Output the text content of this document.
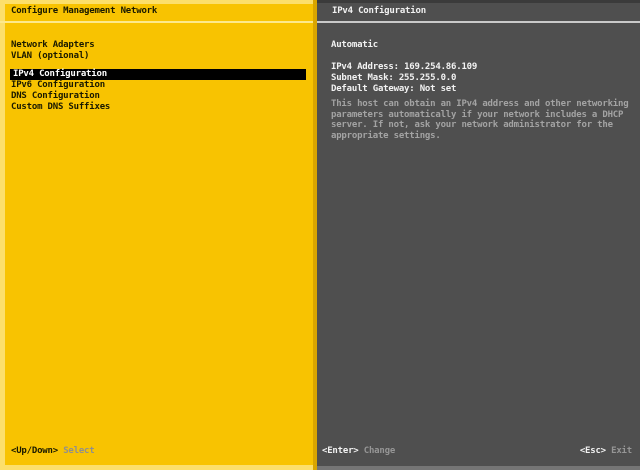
Configure Management Network
Network Adapters
VLAN (optional)
IPv4 Configuration
IPv6 Configuration
DNS Configuration
Custom DNS Suffixes
<Up/Down> Select
IPv4 Configuration
Automatic
IPv4 Address: 169.254.86.109
Subnet Mask: 255.255.0.0
Default Gateway: Not set
This host can obtain an IPv4 address and other networking
parameters automatically if your network includes a DHCP
server. If not, ask your network administrator for the
appropriate settings.
<Enter> Change	<Esc> Exit
